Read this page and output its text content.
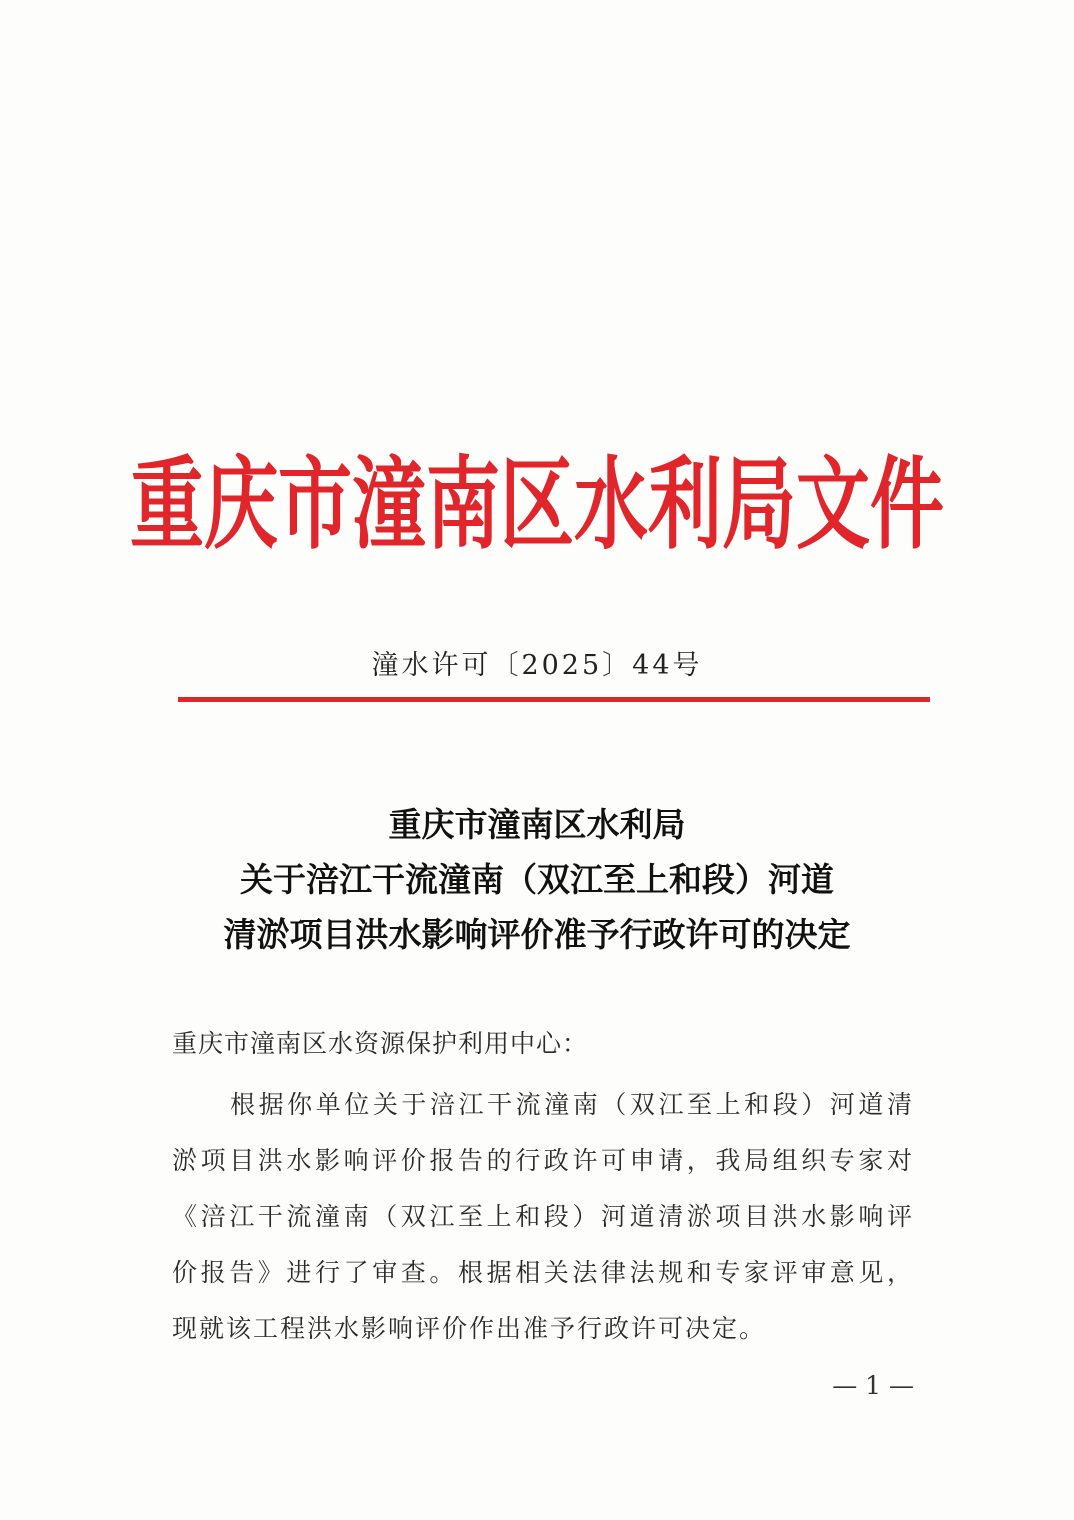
重庆市潼南区水利局文件
潼水许可〔2025〕44号
重庆市潼南区水利局
关于涪江干流潼南（双江至上和段）河道
清淤项目洪水影响评价准予行政许可的决定
重庆市潼南区水资源保护利用中心：
根据你单位关于涪江干流潼南（双江至上和段）河道清
淤项目洪水影响评价报告的行政许可申请，我局组织专家对
《涪江干流潼南（双江至上和段）河道清淤项目洪水影响评
价报告》进行了审查。根据相关法律法规和专家评审意见，
现就该工程洪水影响评价作出准予行政许可决定。
— 1 —
